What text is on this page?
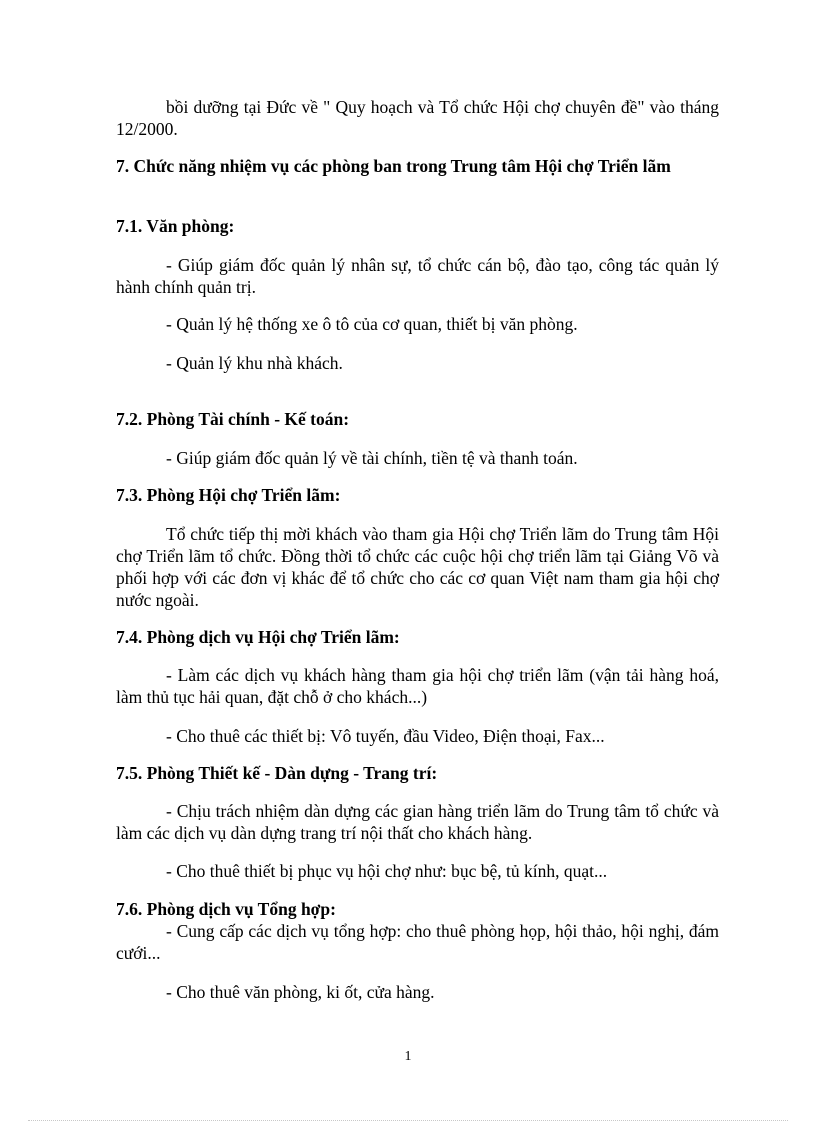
bồi dưỡng tại Đức về " Quy hoạch và Tổ chức Hội chợ chuyên đề" vào tháng 12/2000.

7. Chức năng nhiệm vụ các phòng ban trong Trung tâm Hội chợ Triển lãm

7.1. Văn phòng:

- Giúp giám đốc quản lý nhân sự, tổ chức cán bộ, đào tạo, công tác quản lý hành chính quản trị.

- Quản lý hệ thống xe ô tô của cơ quan, thiết bị văn phòng.

- Quản lý khu nhà khách.

7.2. Phòng Tài chính - Kế toán:

- Giúp giám đốc quản lý về tài chính, tiền tệ và thanh toán.

7.3. Phòng Hội chợ Triển lãm:

Tổ chức tiếp thị mời khách vào tham gia Hội chợ Triển lãm do Trung tâm Hội chợ Triển lãm tổ chức. Đồng thời tổ chức các cuộc hội chợ triển lãm tại Giảng Võ và phối hợp với các đơn vị khác để tổ chức cho các cơ quan Việt nam tham gia hội chợ nước ngoài.

7.4. Phòng dịch vụ Hội chợ Triển lãm:

- Làm các dịch vụ khách hàng tham gia hội chợ triển lãm (vận tải hàng hoá, làm thủ tục hải quan, đặt chỗ ở cho khách...)

- Cho thuê các thiết bị: Vô tuyến, đầu Video, Điện thoại, Fax...

7.5. Phòng Thiết kế - Dàn dựng - Trang trí:

- Chịu trách nhiệm dàn dựng các gian hàng triển lãm do Trung tâm tổ chức và làm các dịch vụ dàn dựng trang trí nội thất cho khách hàng.

- Cho thuê thiết bị phục vụ hội chợ như: bục bệ, tủ kính, quạt...

7.6. Phòng dịch vụ Tổng hợp:

- Cung cấp các dịch vụ tổng hợp: cho thuê phòng họp, hội thảo, hội nghị, đám cưới...

- Cho thuê văn phòng, ki ốt, cửa hàng.

1
